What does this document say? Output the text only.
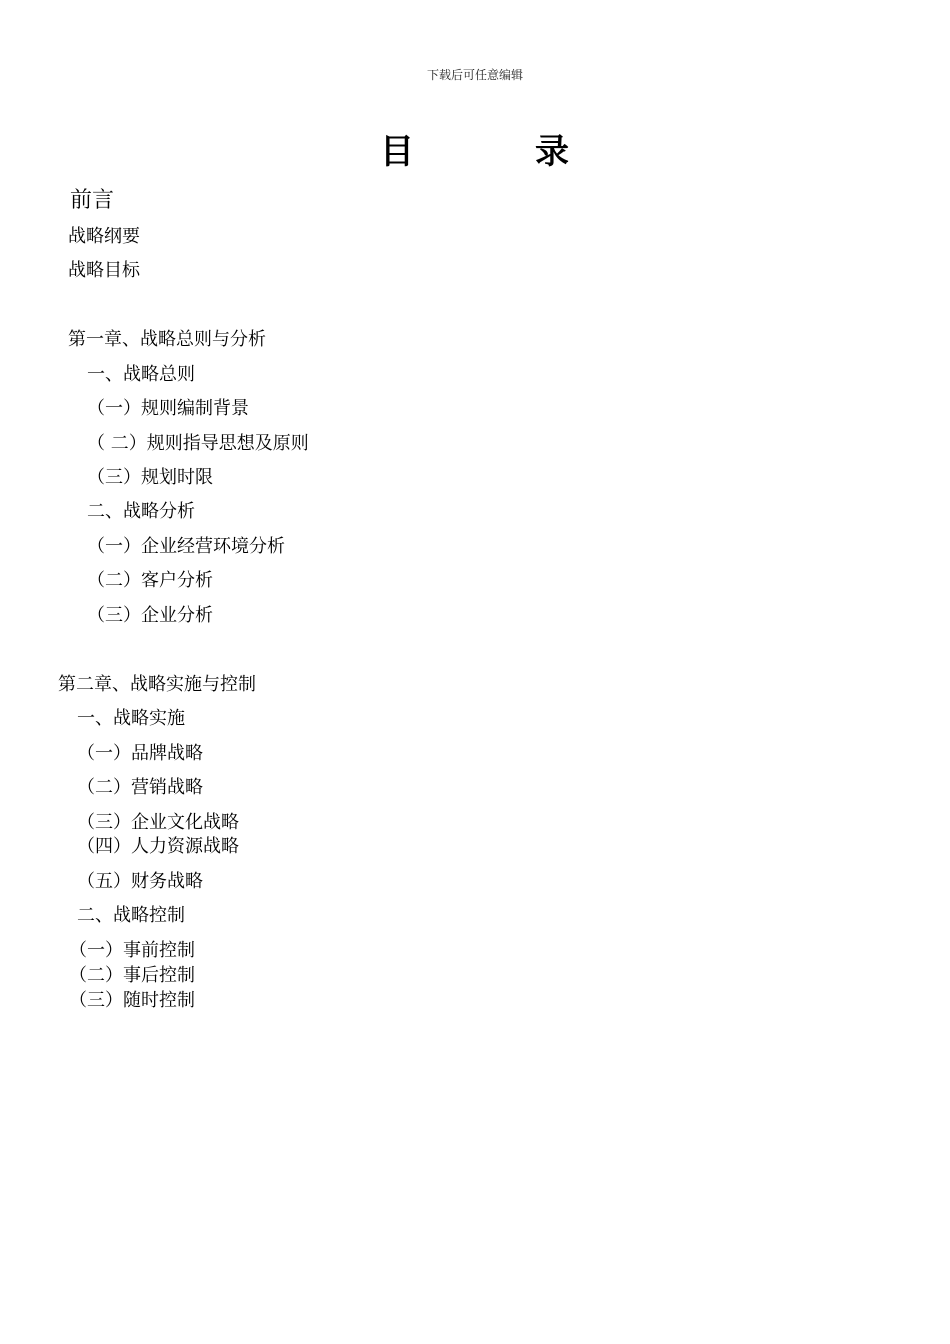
下载后可任意编辑
目	录
前言
战略纲要
战略目标
第一章、战略总则与分析
一、战略总则
（一）规则编制背景
（ 二）规则指导思想及原则
（三）规划时限
二、战略分析
（一）企业经营环境分析
（二）客户分析
（三）企业分析
第二章、战略实施与控制
一、战略实施
（一）品牌战略
（二）营销战略
（三）企业文化战略
（四）人力资源战略
（五）财务战略
二、战略控制
（一）事前控制
（二）事后控制
（三）随时控制
